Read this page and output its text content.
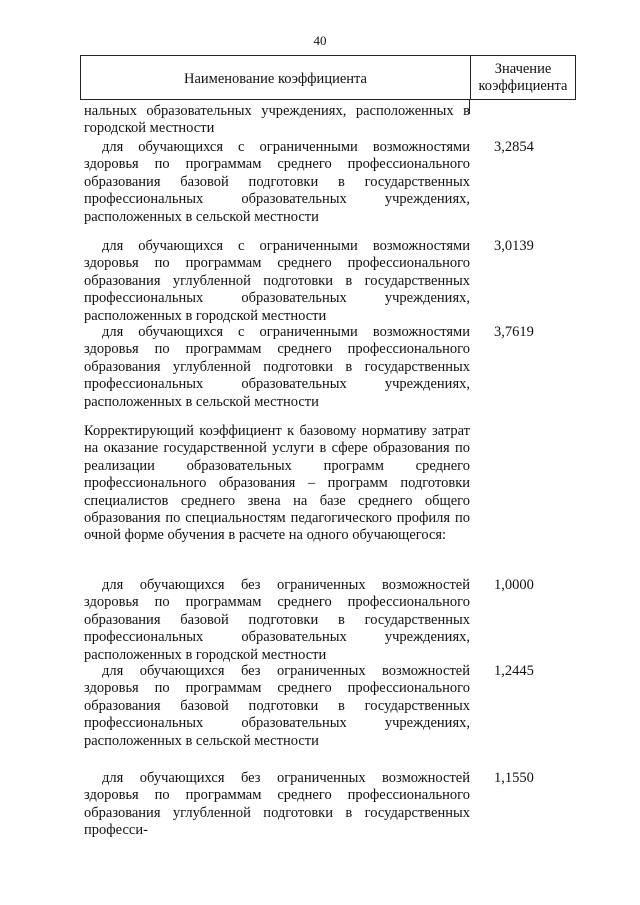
40
Наименование коэффициента
Значение
коэффициента
нальных образовательных учреждениях, расположенных в городской местности
для обучающихся с ограниченными возможностями здоровья по программам среднего профессионального образования базовой подготовки в государственных профессиональных образовательных учреждениях, расположенных в сельской местности
3,2854
для обучающихся с ограниченными возможностями здоровья по программам среднего профессионального образования углубленной подготовки в государственных профессиональных образовательных учреждениях, расположенных в городской местности
3,0139
для обучающихся с ограниченными возможностями здоровья по программам среднего профессионального образования углубленной подготовки в государственных профессиональных образовательных учреждениях, расположенных в сельской местности
3,7619
Корректирующий коэффициент к базовому нормативу затрат на оказание государственной услуги в сфере образования по реализации образовательных программ среднего профессионального образования – программ подготовки специалистов среднего звена на базе среднего общего образования по специальностям педагогического профиля по очной форме обучения в расчете на одного обучающегося:
для обучающихся без ограниченных возможностей здоровья по программам среднего профессионального образования базовой подготовки в государственных профессиональных образовательных учреждениях, расположенных в городской местности
1,0000
для обучающихся без ограниченных возможностей здоровья по программам среднего профессионального образования базовой подготовки в государственных профессиональных образовательных учреждениях, расположенных в сельской местности
1,2445
для обучающихся без ограниченных возможностей здоровья по программам среднего профессионального образования углубленной подготовки в государственных професси-
1,1550
